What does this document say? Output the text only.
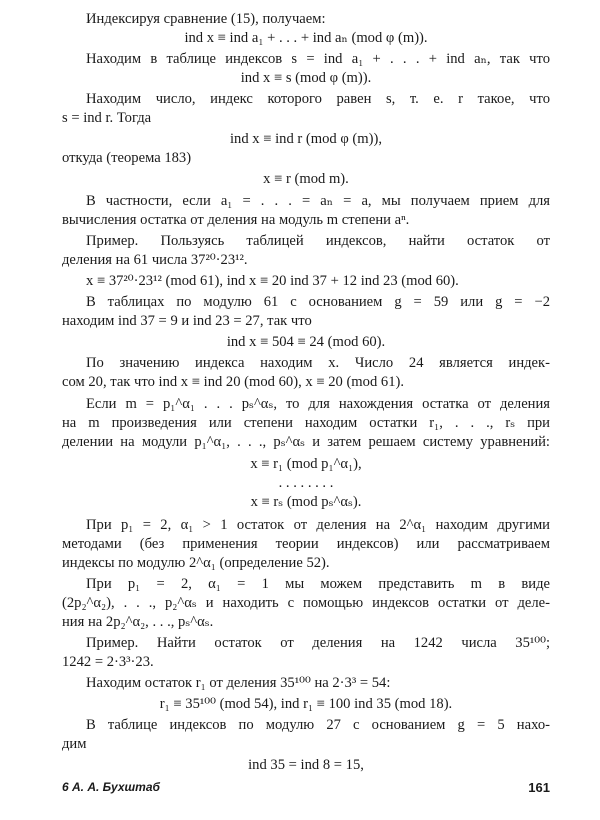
Индексируя сравнение (15), получаем:
ind x ≡ ind a₁ + . . . + ind aₙ (mod φ (m)).
Находим в таблице индексов s = ind a₁ + . . . + ind aₙ, так что
ind x ≡ s (mod φ (m)).
Находим число, индекс которого равен s, т. е. r такое, что
s = ind r. Тогда
ind x ≡ ind r (mod φ (m)),
откуда (теорема 183)
x ≡ r (mod m).
В частности, если a₁ = . . . = aₙ = a, мы получаем прием для
вычисления остатка от деления на модуль m степени aⁿ.
Пример. Пользуясь таблицей индексов, найти остаток от
деления на 61 числа 37²⁰·23¹².
x ≡ 37²⁰·23¹² (mod 61), ind x ≡ 20 ind 37 + 12 ind 23 (mod 60).
В таблицах по модулю 61 с основанием g = 59 или g = −2
находим ind 37 = 9 и ind 23 = 27, так что
ind x ≡ 504 ≡ 24 (mod 60).
По значению индекса находим x. Число 24 является индек-
сом 20, так что ind x ≡ ind 20 (mod 60), x ≡ 20 (mod 61).
Если m = p₁^α₁ . . . pₛ^αₛ, то для нахождения остатка от деления
на m произведения или степени находим остатки r₁, . . ., rₛ при
делении на модули p₁^α₁, . . ., pₛ^αₛ и затем решаем систему уравнений:
x ≡ r₁ (mod p₁^α₁),
. . . . . . . .
x ≡ rₛ (mod pₛ^αₛ).
При p₁ = 2, α₁ > 1 остаток от деления на 2^α₁ находим другими
методами (без применения теории индексов) или рассматриваем
индексы по модулю 2^α₁ (определение 52).
При p₁ = 2, α₁ = 1 мы можем представить m в виде
(2p₂^α₂), . . ., p₂^αₛ и находить с помощью индексов остатки от деле-
ния на 2p₂^α₂, . . ., pₛ^αₛ.
Пример. Найти остаток от деления на 1242 числа 35¹⁰⁰;
1242 = 2·3³·23.
Находим остаток r₁ от деления 35¹⁰⁰ на 2·3³ = 54:
r₁ ≡ 35¹⁰⁰ (mod 54), ind r₁ ≡ 100 ind 35 (mod 18).
В таблице индексов по модулю 27 с основанием g = 5 нахо-
дим
ind 35 = ind 8 = 15,
6 А. А. Бухштаб	161
